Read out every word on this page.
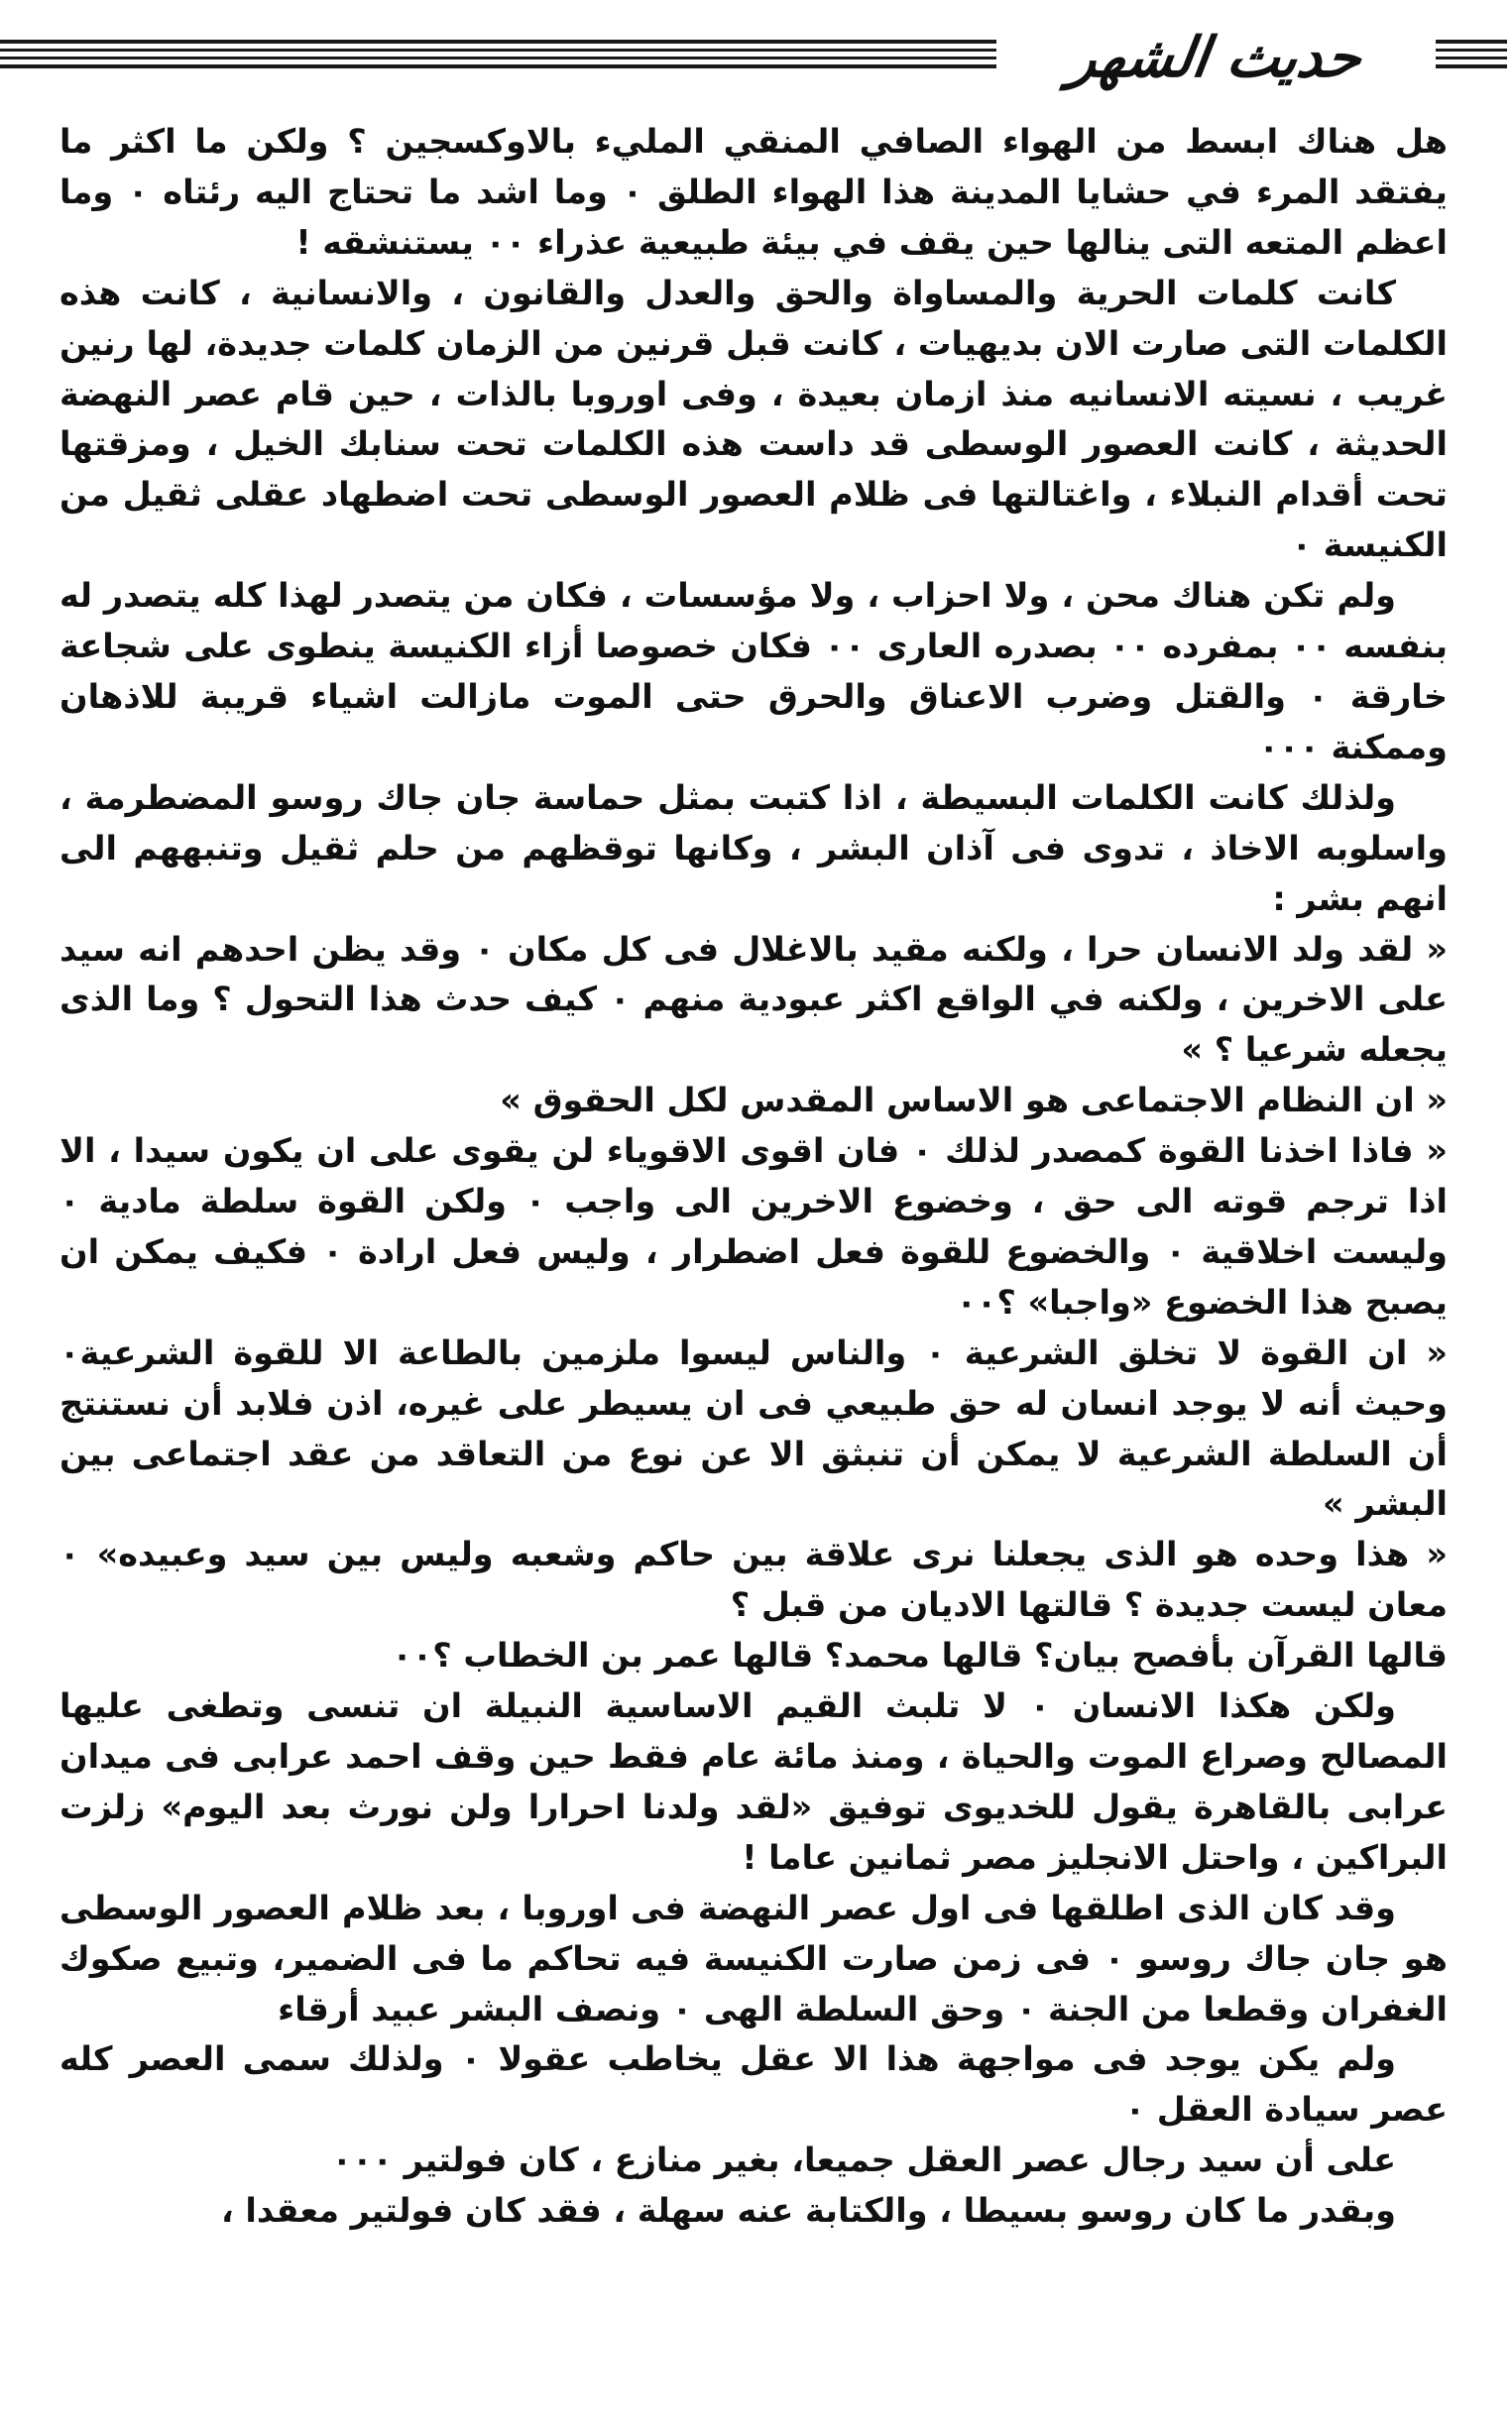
حديث الشهر

هل هناك ابسط من الهواء الصافي المنقي المليء بالاوكسجين ؟ ولكن ما اكثر ما يفتقد المرء في حشايا المدينة هذا الهواء الطلق ٠ وما اشد ما تحتاج اليه رئتاه ٠ وما اعظم المتعه التى ينالها حين يقف في بيئة طبيعية عذراء ٠٠ يستنشقه !

كانت كلمات الحرية والمساواة والحق والعدل والقانون ، والانسانية ، كانت هذه الكلمات التى صارت الان بديهيات ، كانت قبل قرنين من الزمان كلمات جديدة، لها رنين غريب ، نسيته الانسانيه منذ ازمان بعيدة ، وفى اوروبا بالذات ، حين قام عصر النهضة الحديثة ، كانت العصور الوسطى قد داست هذه الكلمات تحت سنابك الخيل ، ومزقتها تحت أقدام النبلاء ، واغتالتها فى ظلام العصور الوسطى تحت اضطهاد عقلى ثقيل من الكنيسة ٠

ولم تكن هناك محن ، ولا احزاب ، ولا مؤسسات ، فكان من يتصدر لهذا كله يتصدر له بنفسه ٠٠ بمفرده ٠٠ بصدره العارى ٠٠ فكان خصوصا أزاء الكنيسة ينطوى على شجاعة خارقة ٠ والقتل وضرب الاعناق والحرق حتى الموت مازالت اشياء قريبة للاذهان وممكنة ٠٠٠

ولذلك كانت الكلمات البسيطة ، اذا كتبت بمثل حماسة جان جاك روسو المضطرمة ، واسلوبه الاخاذ ، تدوى فى آذان البشر ، وكانها توقظهم من حلم ثقيل وتنبههم الى انهم بشر :

« لقد ولد الانسان حرا ، ولكنه مقيد بالاغلال فى كل مكان ٠ وقد يظن احدهم انه سيد على الاخرين ، ولكنه في الواقع اكثر عبودية منهم ٠ كيف حدث هذا التحول ؟ وما الذى يجعله شرعيا ؟ »

« ان النظام الاجتماعى هو الاساس المقدس لكل الحقوق »

« فاذا اخذنا القوة كمصدر لذلك ٠ فان اقوى الاقوياء لن يقوى على ان يكون سيدا ، الا اذا ترجم قوته الى حق ، وخضوع الاخرين الى واجب ٠ ولكن القوة سلطة مادية ٠ وليست اخلاقية ٠ والخضوع للقوة فعل اضطرار ، وليس فعل ارادة ٠ فكيف يمكن ان يصبح هذا الخضوع «واجبا» ؟٠٠

« ان القوة لا تخلق الشرعية ٠ والناس ليسوا ملزمين بالطاعة الا للقوة الشرعية٠ وحيث أنه لا يوجد انسان له حق طبيعي فى ان يسيطر على غيره، اذن فلابد أن نستنتج أن السلطة الشرعية لا يمكن أن تنبثق الا عن نوع من التعاقد من عقد اجتماعى بين البشر »

« هذا وحده هو الذى يجعلنا نرى علاقة بين حاكم وشعبه وليس بين سيد وعبيده» ٠ معان ليست جديدة ؟ قالتها الاديان من قبل ؟

قالها القرآن بأفصح بيان؟ قالها محمد؟ قالها عمر بن الخطاب ؟٠٠

ولكن هكذا الانسان ٠ لا تلبث القيم الاساسية النبيلة ان تنسى وتطغى عليها المصالح وصراع الموت والحياة ، ومنذ مائة عام فقط حين وقف احمد عرابى فى ميدان عرابى بالقاهرة يقول للخديوى توفيق «لقد ولدنا احرارا ولن نورث بعد اليوم» زلزت البراكين ، واحتل الانجليز مصر ثمانين عاما !

وقد كان الذى اطلقها فى اول عصر النهضة فى اوروبا ، بعد ظلام العصور الوسطى هو جان جاك روسو ٠ فى زمن صارت الكنيسة فيه تحاكم ما فى الضمير، وتبيع صكوك الغفران وقطعا من الجنة ٠ وحق السلطة الهى ٠ ونصف البشر عبيد أرقاء

ولم يكن يوجد فى مواجهة هذا الا عقل يخاطب عقولا ٠ ولذلك سمى العصر كله عصر سيادة العقل ٠

على أن سيد رجال عصر العقل جميعا، بغير منازع ، كان فولتير ٠٠٠

وبقدر ما كان روسو بسيطا ، والكتابة عنه سهلة ، فقد كان فولتير معقدا ،
